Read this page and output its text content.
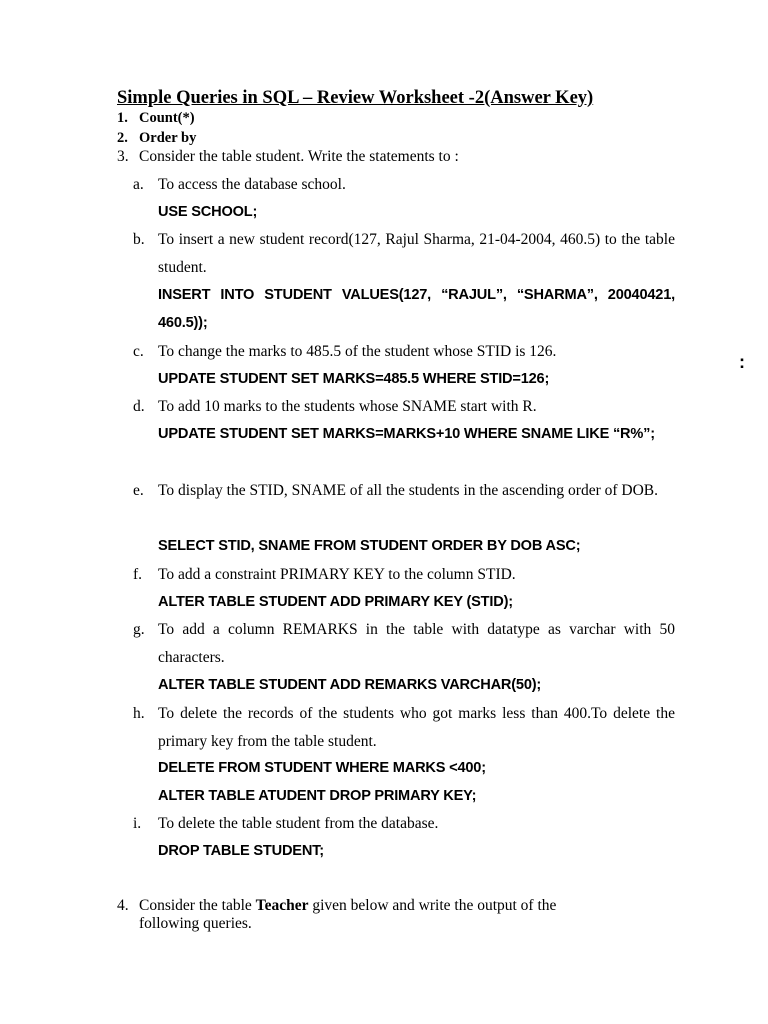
Simple Queries in SQL – Review Worksheet -2(Answer Key)
1. Count(*)
2. Order by
3. Consider the table student. Write the statements to :
a. To access the database school.
USE SCHOOL;
b. To insert a new student record(127, Rajul Sharma, 21-04-2004, 460.5) to the table student.
INSERT INTO STUDENT VALUES(127, “RAJUL”, “SHARMA”, 20040421, 460.5));
c. To change the marks to 485.5 of the student whose STID is 126.
UPDATE STUDENT SET MARKS=485.5 WHERE STID=126;
d. To add 10 marks to the students whose SNAME start with R.
UPDATE STUDENT SET MARKS=MARKS+10 WHERE SNAME LIKE “R%”;
e. To display the STID, SNAME of all the students in the ascending order of DOB.
SELECT STID, SNAME FROM STUDENT ORDER BY DOB ASC;
f. To add a constraint PRIMARY KEY to the column STID.
ALTER TABLE STUDENT ADD PRIMARY KEY (STID);
g. To add a column REMARKS in the table with datatype as varchar with 50 characters.
ALTER TABLE STUDENT ADD REMARKS VARCHAR(50);
h. To delete the records of the students who got marks less than 400.To delete the primary key from the table student.
DELETE FROM STUDENT WHERE MARKS <400;
ALTER TABLE ATUDENT DROP PRIMARY KEY;
i. To delete the table student from the database.
DROP TABLE STUDENT;
:
4. Consider the table Teacher given below and write the output of the following queries.
